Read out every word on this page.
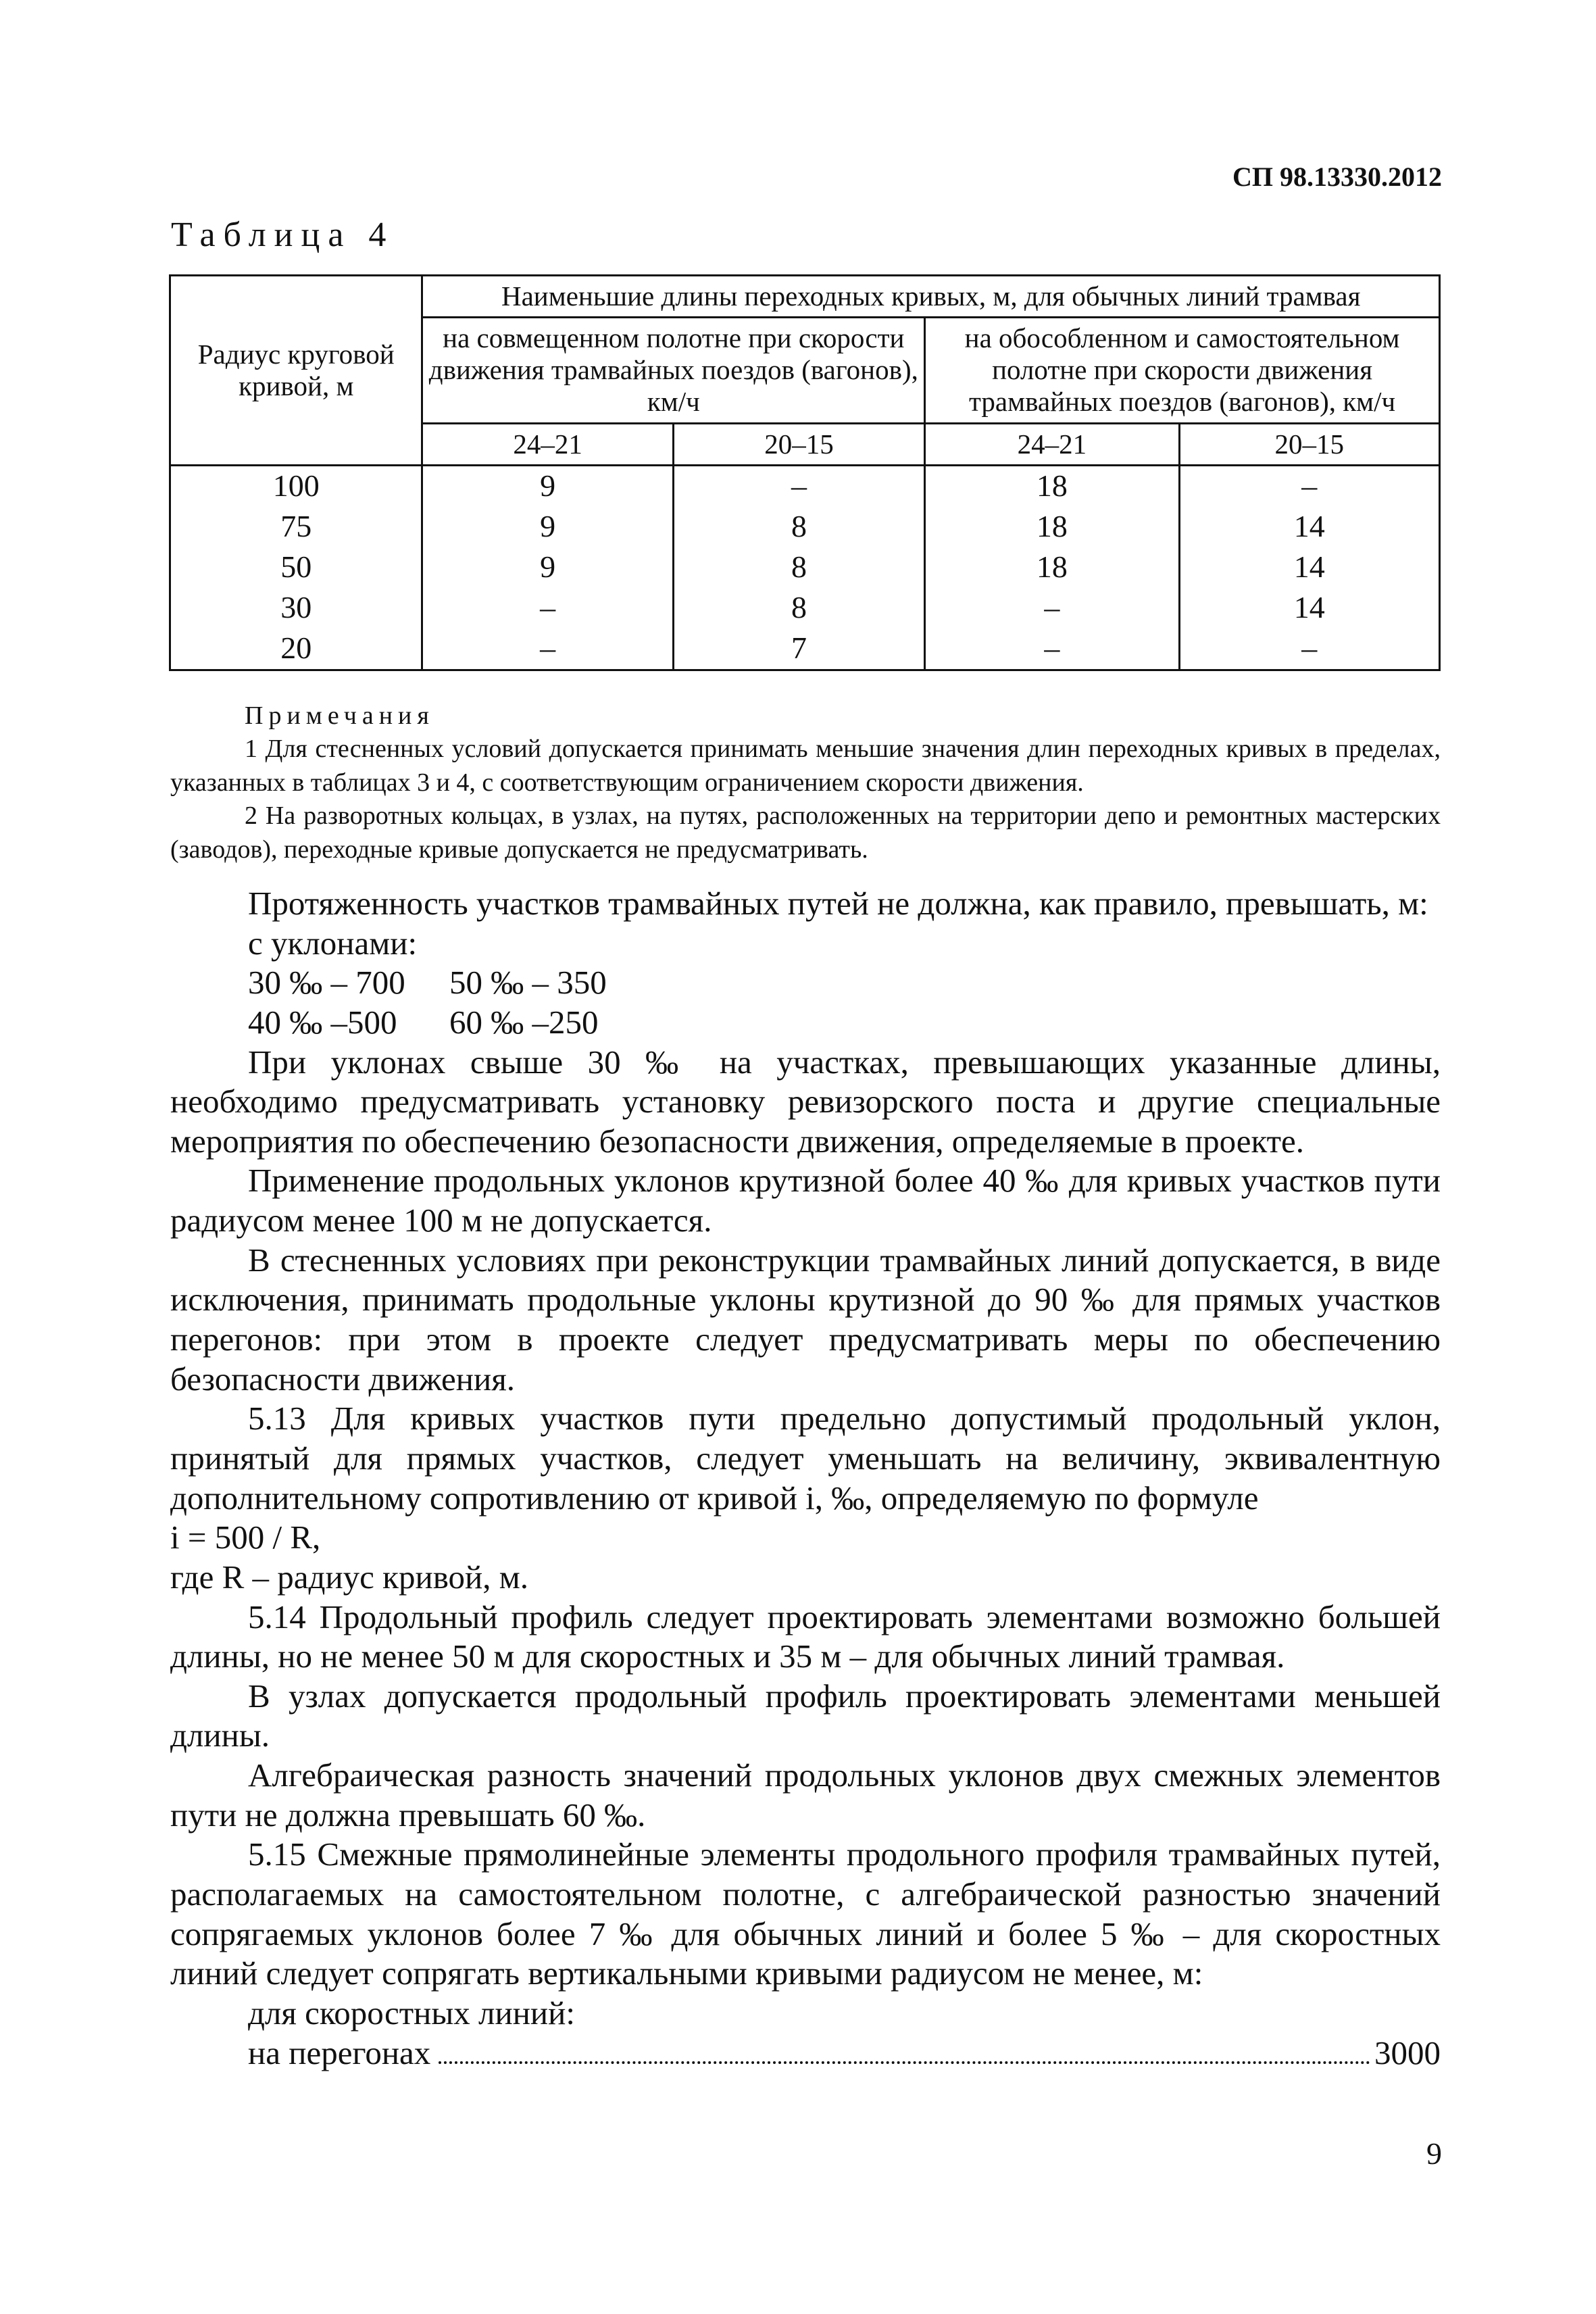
СП 98.13330.2012
Таблица 4
Радиус круговой кривой, м	Наименьшие длины переходных кривых, м, для обычных линий трамвая			
	на совмещенном полотне при скорости движения трамвайных поездов (вагонов), км/ч		на обособленном и самостоятельном полотне при скорости движения трамвайных поездов (вагонов), км/ч	
	24–21	20–15	24–21	20–15
100	9	–	18	–
75	9	8	18	14
50	9	8	18	14
30	–	8	–	14
20	–	7	–	–
Примечания

1 Для стесненных условий допускается принимать меньшие значения длин переходных кривых в пределах, указанных в таблицах 3 и 4, с соответствующим ограничением скорости движения.

2 На разворотных кольцах, в узлах, на путях, расположенных на территории депо и ремонтных мастерских (заводов), переходные кривые допускается не предусматривать.

Протяженность участков трамвайных путей не должна, как правило, превышать, м:

с уклонами:

30 ‰ – 700	50 ‰ – 350
40 ‰ –500	60 ‰ –250

При уклонах свыше 30 ‰ на участках, превышающих указанные длины, необходимо предусматривать установку ревизорского поста и другие специальные мероприятия по обеспечению безопасности движения, определяемые в проекте.

Применение продольных уклонов крутизной более 40 ‰ для кривых участков пути радиусом менее 100 м не допускается.

В стесненных условиях при реконструкции трамвайных линий допускается, в виде исключения, принимать продольные уклоны крутизной до 90 ‰ для прямых участков перегонов: при этом в проекте следует предусматривать меры по обеспечению безопасности движения.

5.13 Для кривых участков пути предельно допустимый продольный уклон, принятый для прямых участков, следует уменьшать на величину, эквивалентную дополнительному сопротивлению от кривой i, ‰, определяемую по формуле

i = 500 / R,

где R – радиус кривой, м.

5.14 Продольный профиль следует проектировать элементами возможно большей длины, но не менее 50 м для скоростных и 35 м – для обычных линий трамвая.

В узлах допускается продольный профиль проектировать элементами меньшей длины.

Алгебраическая разность значений продольных уклонов двух смежных элементов пути не должна превышать 60 ‰.

5.15 Смежные прямолинейные элементы продольного профиля трамвайных путей, располагаемых на самостоятельном полотне, с алгебраической разностью значений сопрягаемых уклонов более 7 ‰ для обычных линий и более 5 ‰ – для скоростных линий следует сопрягать вертикальными кривыми радиусом не менее, м:

для скоростных линий:

на перегонах	3000
9
